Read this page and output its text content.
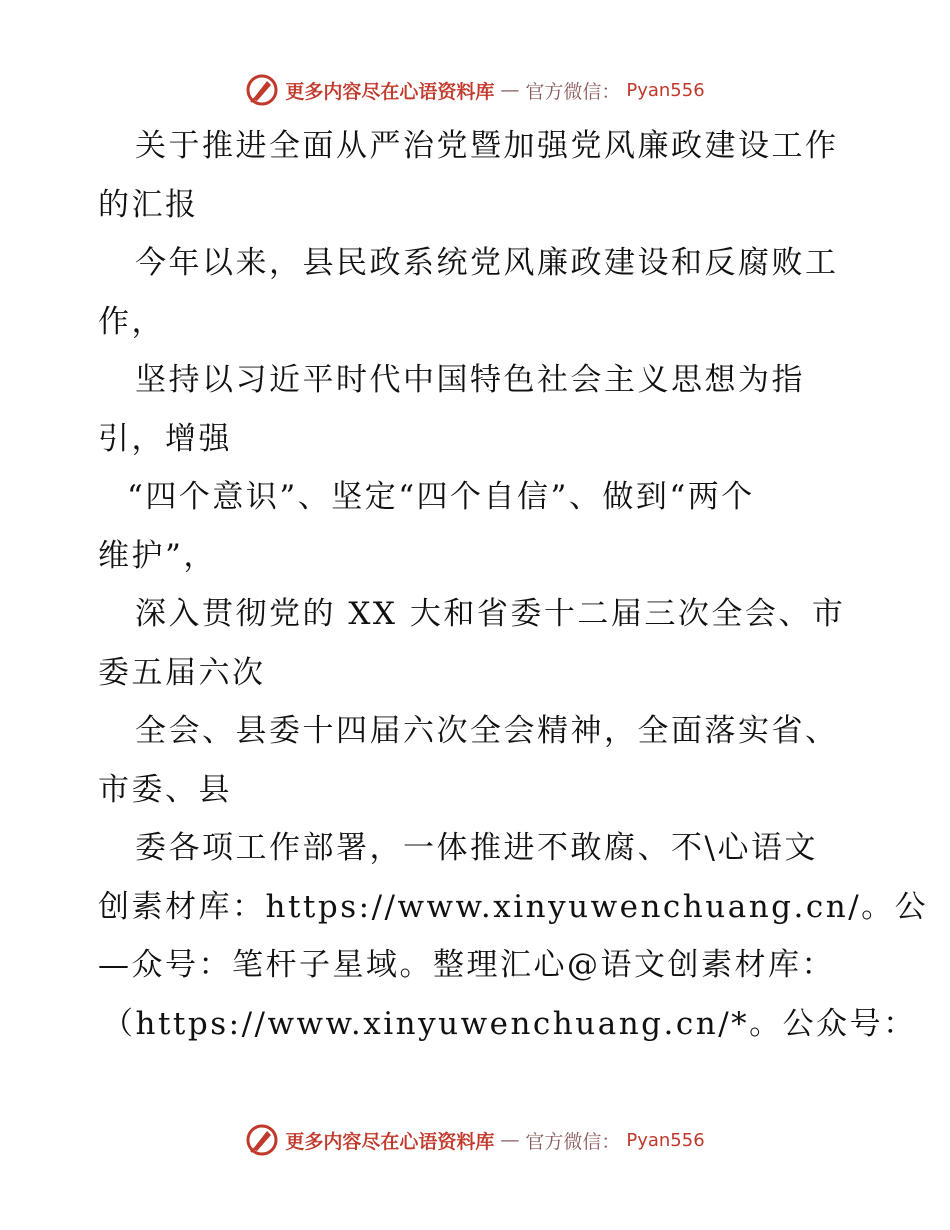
更多内容尽在心语资料库 — 官方微信： Pyan556
关于推进全面从严治党暨加强党风廉政建设工作
的汇报
今年以来，县民政系统党风廉政建设和反腐败工
作，
坚持以习近平时代中国特色社会主义思想为指
引，增强
“四个意识”、坚定“四个自信”、做到“两个
维护”，
深入贯彻党的 XX 大和省委十二届三次全会、市
委五届六次
全会、县委十四届六次全会精神，全面落实省、
市委、县
委各项工作部署，一体推进不敢腐、不\心语文
创素材库：https://www.xinyuwenchuang.cn/。公
—众号：笔杆子星域。整理汇心@语文创素材库：
（https://www.xinyuwenchuang.cn/*。公众号：
更多内容尽在心语资料库 — 官方微信： Pyan556
